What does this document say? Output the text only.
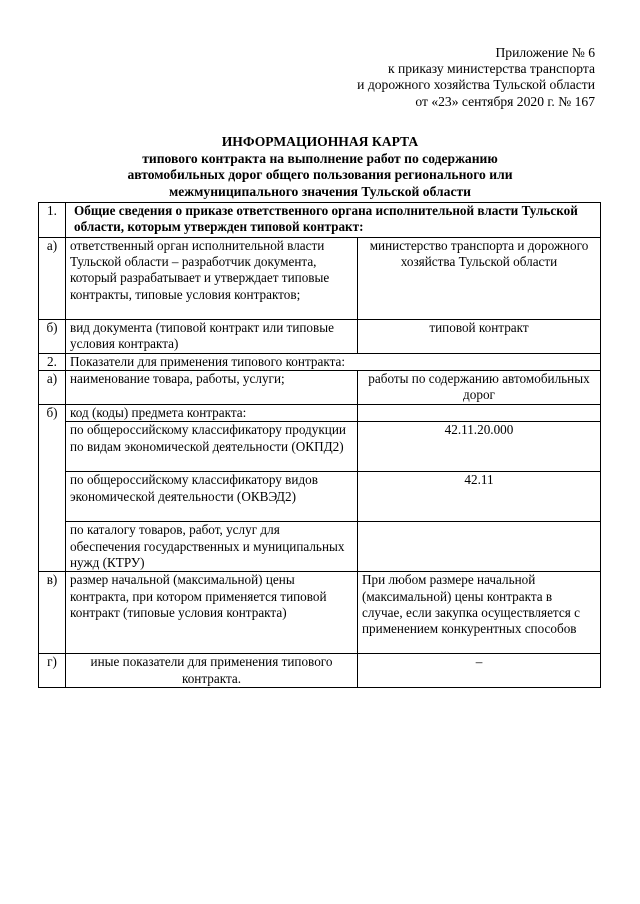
Приложение № 6
к приказу министерства транспорта
и дорожного хозяйства Тульской области
от «23» сентября 2020 г. № 167
ИНФОРМАЦИОННАЯ КАРТА
типового контракта на выполнение работ по содержанию
автомобильных дорог общего пользования регионального или
межмуниципального значения Тульской области
1.	Общие сведения о приказе ответственного органа исполнительной власти Тульской области, которым утвержден типовой контракт:	
а)	ответственный орган исполнительной власти Тульской области – разработчик документа, который разрабатывает и утверждает типовые контракты, типовые условия контрактов;	министерство транспорта и дорожного хозяйства Тульской области
б)	вид документа (типовой контракт или типовые условия контракта)	типовой контракт
2.	Показатели для применения типового контракта:	
а)	наименование товара, работы, услуги;	работы по содержанию автомобильных дорог
б)	код (коды) предмета контракта:	
	по общероссийскому классификатору продукции по видам экономической деятельности (ОКПД2)	42.11.20.000
	по общероссийскому классификатору видов экономической деятельности (ОКВЭД2)	42.11
	по каталогу товаров, работ, услуг для обеспечения государственных и муниципальных нужд (КТРУ)	
в)	размер начальной (максимальной) цены контракта, при котором применяется типовой контракт (типовые условия контракта)	При любом размере начальной (максимальной) цены контракта в случае, если закупка осуществляется с применением конкурентных способов
г)	иные показатели для применения типового контракта.	–
